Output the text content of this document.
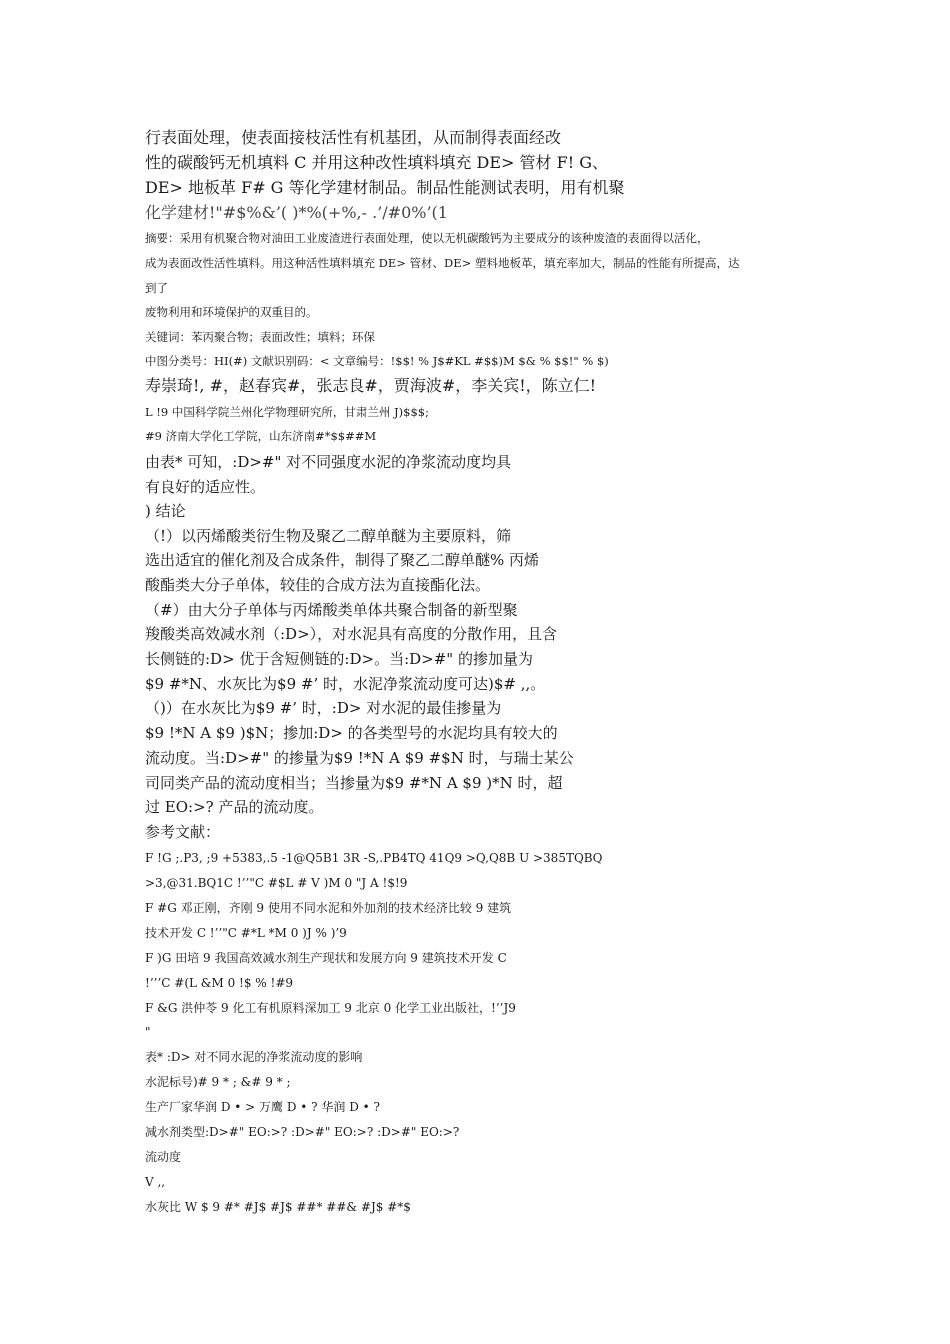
行表面处理，使表面接枝活性有机基团，从而制得表面经改

性的碳酸钙无机填料 C 并用这种改性填料填充 DE> 管材 F! G、

DE> 地板革 F# G 等化学建材制品。制品性能测试表明，用有机聚

化学建材!"#$%&’( )*%(+%,- .’/#0%’(1

摘要：采用有机聚合物对油田工业废渣进行表面处理，使以无机碳酸钙为主要成分的该种废渣的表面得以活化，

成为表面改性活性填料。用这种活性填料填充 DE> 管材、DE> 塑料地板革，填充率加大，制品的性能有所提高，达

到了

废物利用和环境保护的双重目的。

关键词：苯丙聚合物；表面改性；填料；环保

中图分类号：HI(#) 文献识别码：< 文章编号：!$$! % J$#KL #$$)M $& % $$!" % $)

寿崇琦!, #，赵春宾#，张志良#，贾海波#，李关宾!，陈立仁!

L !9 中国科学院兰州化学物理研究所，甘肃兰州 J)$$$;

#9 济南大学化工学院，山东济南#*$$##M

由表* 可知，:D>#" 对不同强度水泥的净浆流动度均具

有良好的适应性。

) 结论

（!）以丙烯酸类衍生物及聚乙二醇单醚为主要原料，筛

选出适宜的催化剂及合成条件，制得了聚乙二醇单醚% 丙烯

酸酯类大分子单体，较佳的合成方法为直接酯化法。

（#）由大分子单体与丙烯酸类单体共聚合制备的新型聚

羧酸类高效减水剂（:D>），对水泥具有高度的分散作用，且含

长侧链的:D> 优于含短侧链的:D>。当:D>#" 的掺加量为

$9 #*N、水灰比为$9 #’ 时，水泥净浆流动度可达)$# ,,。

（)）在水灰比为$9 #’ 时，:D> 对水泥的最佳掺量为

$9 !*N A $9 )$N；掺加:D> 的各类型号的水泥均具有较大的

流动度。当:D>#" 的掺量为$9 !*N A $9 #$N 时，与瑞士某公

司同类产品的流动度相当；当掺量为$9 #*N A $9 )*N 时，超

过 EO:>? 产品的流动度。

参考文献：

F !G ;.P3, ;9 +5383,.5 -1@Q5B1 3R -S,.PB4TQ 41Q9 >Q,Q8B U >385TQBQ

>3,@31.BQ1C !’’"C #$L # V )M 0 "J A !$!9

F #G 邓正刚，齐刚 9 使用不同水泥和外加剂的技术经济比较 9 建筑

技术开发 C !’’"C #*L *M 0 )J % )’9

F )G 田培 9 我国高效减水剂生产现状和发展方向 9 建筑技术开发 C

!’’’C #(L &M 0 !$ % !#9

F &G 洪仲苓 9 化工有机原料深加工 9 北京 0 化学工业出版社，!’’J9

"

表* :D> 对不同水泥的净浆流动度的影响

水泥标号)# 9 * ; &# 9 * ;

生产厂家华润 D • > 万鹰 D • ? 华润 D • ?

减水剂类型:D>#" EO:>? :D>#" EO:>? :D>#" EO:>?

流动度

V ,,

水灰比 W $ 9 #* #J$ #J$ ##* ##& #J$ #*$
